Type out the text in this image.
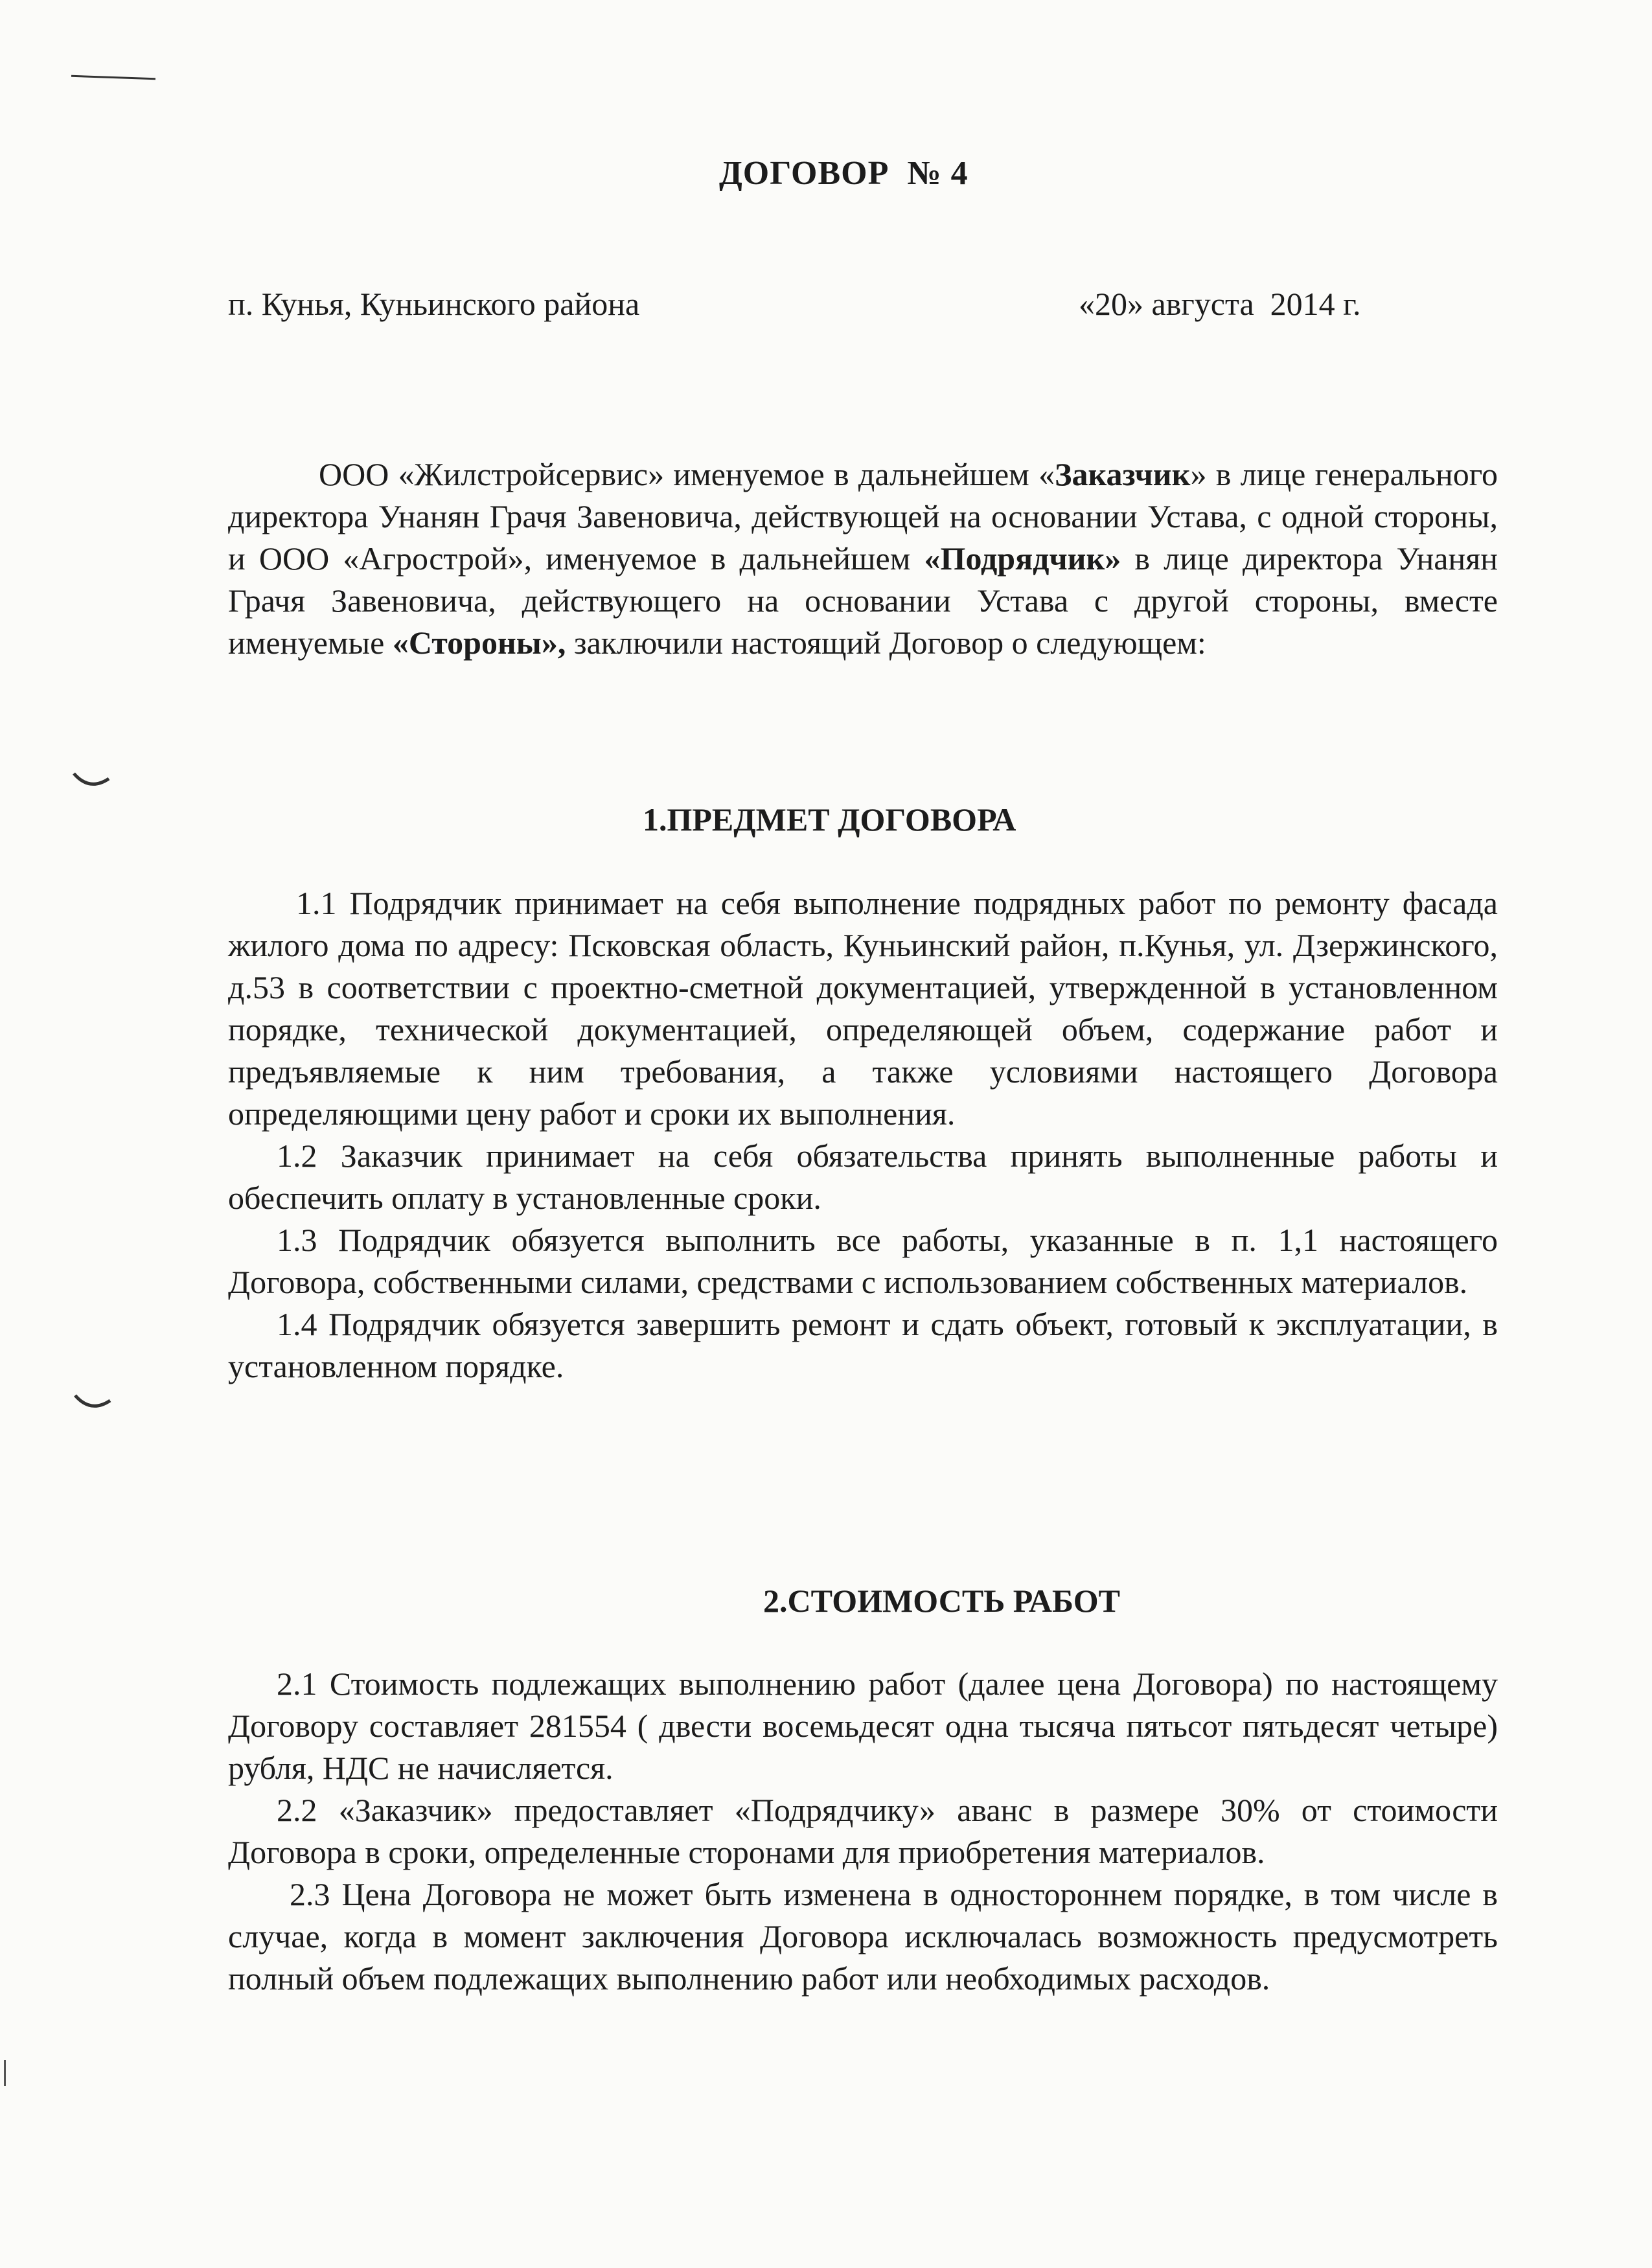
ДОГОВОР  № 4
п. Кунья, Куньинского района	«20» августа  2014 г.

ООО «Жилстройсервис» именуемое в дальнейшем «Заказчик» в лице генерального директора Унанян Грачя Завеновича, действующей на основании Устава, с одной стороны, и ООО «Агрострой», именуемое в дальнейшем «Подрядчик» в лице директора Унанян Грачя Завеновича, действующего на основании Устава с другой стороны, вместе именуемые «Стороны», заключили настоящий Договор о следующем:

1.ПРЕДМЕТ ДОГОВОРА

1.1 Подрядчик принимает на себя выполнение подрядных работ по ремонту фасада жилого дома по адресу: Псковская область, Куньинский район, п.Кунья, ул. Дзержинского, д.53 в соответствии с проектно-сметной документацией, утвержденной в установленном порядке, технической документацией, определяющей объем, содержание работ и предъявляемые к ним требования, а также условиями настоящего Договора определяющими цену работ и сроки их выполнения.

1.2 Заказчик принимает на себя обязательства принять выполненные работы и обеспечить оплату в установленные сроки.

1.3 Подрядчик обязуется выполнить все работы, указанные в п. 1,1 настоящего Договора, собственными силами, средствами с использованием собственных материалов.

1.4 Подрядчик обязуется завершить ремонт и сдать объект, готовый к эксплуатации, в установленном порядке.

2.СТОИМОСТЬ РАБОТ

2.1 Стоимость подлежащих выполнению работ (далее цена Договора) по настоящему Договору составляет 281554 ( двести восемьдесят одна тысяча пятьсот пятьдесят четыре) рубля, НДС не начисляется.

2.2 «Заказчик» предоставляет «Подрядчику» аванс в размере 30% от стоимости Договора в сроки, определенные сторонами для приобретения материалов.

2.3 Цена Договора не может быть изменена в одностороннем порядке, в том числе в случае, когда в момент заключения Договора исключалась возможность предусмотреть полный объем подлежащих выполнению работ или необходимых расходов.
